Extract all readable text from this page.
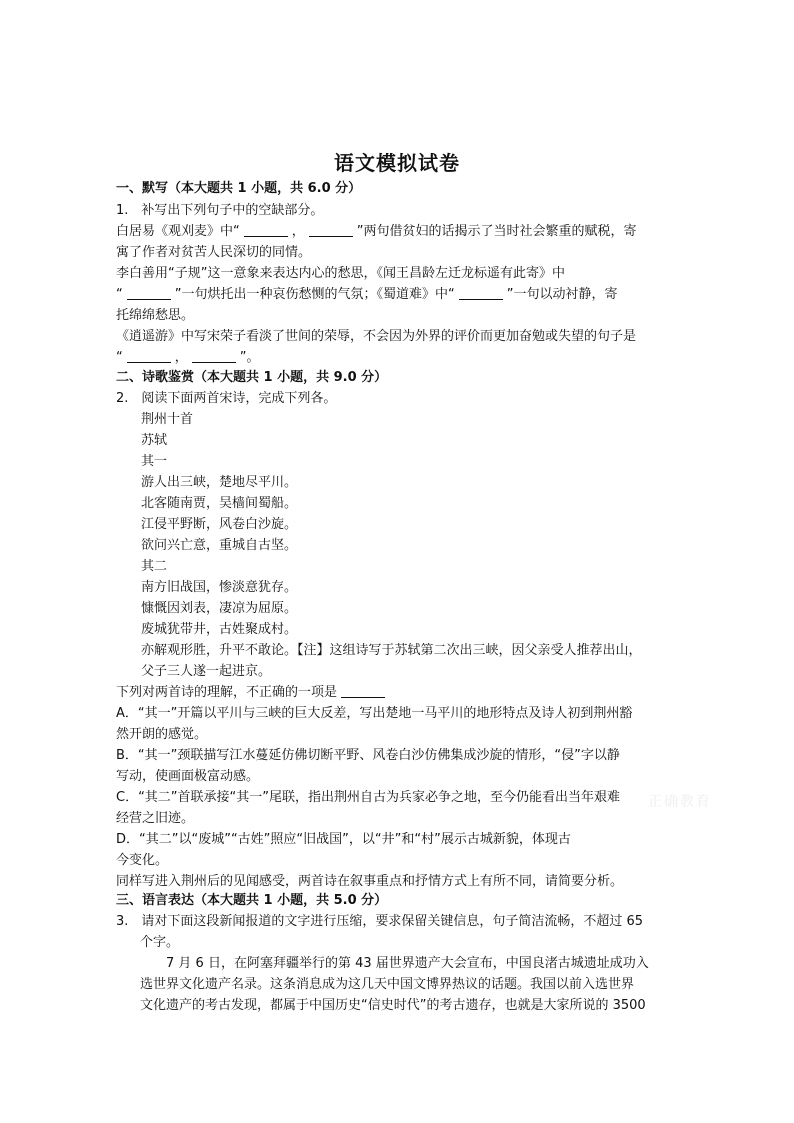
语文模拟试卷
一、默写（本大题共 1 小题，共 6.0 分）
1.　补写出下列句子中的空缺部分。
白居易《观刈麦》中“	，	”两句借贫妇的话揭示了当时社会繁重的赋税，寄
寓了作者对贫苦人民深切的同情。
李白善用“子规”这一意象来表达内心的愁思，《闻王昌龄左迁龙标遥有此寄》中
“	”一句烘托出一种哀伤愁恻的气氛；《蜀道难》中“	”一句以动衬静，寄
托绵绵愁思。
《逍遥游》中写宋荣子看淡了世间的荣辱，不会因为外界的评价而更加奋勉或失望的句子是
“	，	”。
二、诗歌鉴赏（本大题共 1 小题，共 9.0 分）
2.　阅读下面两首宋诗，完成下列各。
荆州十首
苏轼
其一
游人出三峡，楚地尽平川。
北客随南贾，吴樯间蜀船。
江侵平野断，风卷白沙旋。
欲问兴亡意，重城自古坚。
其二
南方旧战国，惨淡意犹存。
慷慨因刘表，凄凉为屈原。
废城犹带井，古姓聚成村。
亦解观形胜，升平不敢论。【注】这组诗写于苏轼第二次出三峡，因父亲受人推荐出山，
父子三人遂一起进京。
下列对两首诗的理解，不正确的一项是
A．“其一”开篇以平川与三峡的巨大反差，写出楚地一马平川的地形特点及诗人初到荆州豁
然开朗的感觉。
B．“其一”颈联描写江水蔓延仿佛切断平野、风卷白沙仿佛集成沙旋的情形，“侵”字以静
写动，使画面极富动感。
C．“其二”首联承接“其一”尾联，指出荆州自古为兵家必争之地，至今仍能看出当年艰难
经营之旧迹。
D．“其二”以“废城”“古姓”照应“旧战国”，以“井”和“村”展示古城新貌，体现古
今变化。
同样写进入荆州后的见闻感受，两首诗在叙事重点和抒情方式上有所不同，请简要分析。
三、语言表达（本大题共 1 小题，共 5.0 分）
3.　请对下面这段新闻报道的文字进行压缩，要求保留关键信息，句子简洁流畅，不超过 65
个字。
7 月 6 日，在阿塞拜疆举行的第 43 届世界遗产大会宣布，中国良渚古城遗址成功入
选世界文化遗产名录。这条消息成为这几天中国文博界热议的话题。我国以前入选世界
文化遗产的考古发现，都属于中国历史“信史时代”的考古遗存，也就是大家所说的 3500
正确教育
